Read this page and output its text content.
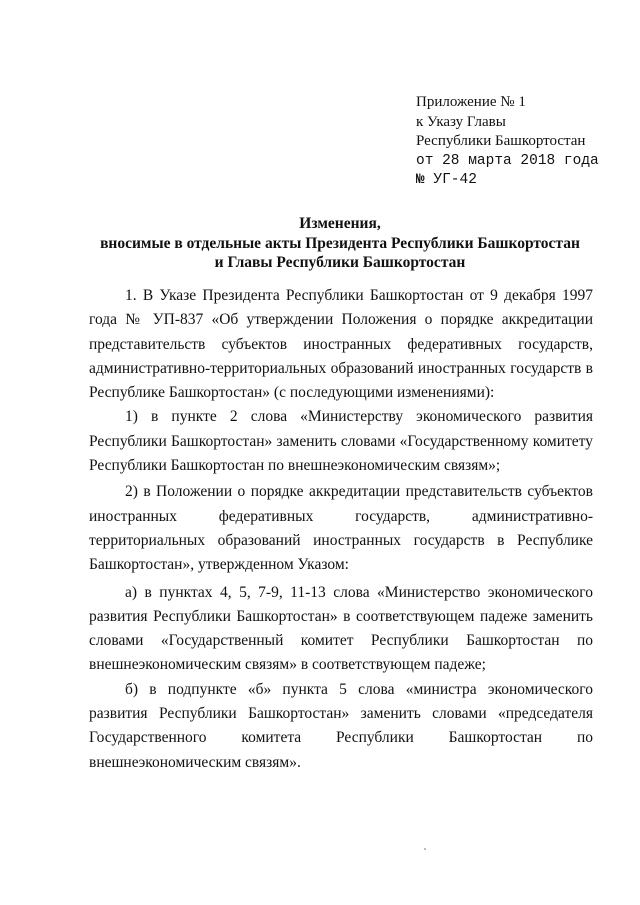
Приложение № 1
к Указу Главы
Республики Башкортостан
от 28 марта 2018 года
№ УГ-42
Изменения,
вносимые в отдельные акты Президента Республики Башкортостан
и Главы Республики Башкортостан

1. В Указе Президента Республики Башкортостан от 9 декабря 1997 года № УП-837 «Об утверждении Положения о порядке аккредитации представительств субъектов иностранных федеративных государств, административно-территориальных образований иностранных государств в Республике Башкортостан» (с последующими изменениями):

1) в пункте 2 слова «Министерству экономического развития Республики Башкортостан» заменить словами «Государственному комитету Республики Башкортостан по внешнеэкономическим связям»;

2) в Положении о порядке аккредитации представительств субъектов иностранных федеративных государств, административно-территориальных образований иностранных государств в Республике Башкортостан», утвержденном Указом:

а) в пунктах 4, 5, 7-9, 11-13 слова «Министерство экономического развития Республики Башкортостан» в соответствующем падеже заменить словами «Государственный комитет Республики Башкортостан по внешнеэкономическим связям» в соответствующем падеже;

б) в подпункте «б» пункта 5 слова «министра экономического развития Республики Башкортостан» заменить словами «председателя Государственного комитета Республики Башкортостан по внешнеэкономическим связям».
